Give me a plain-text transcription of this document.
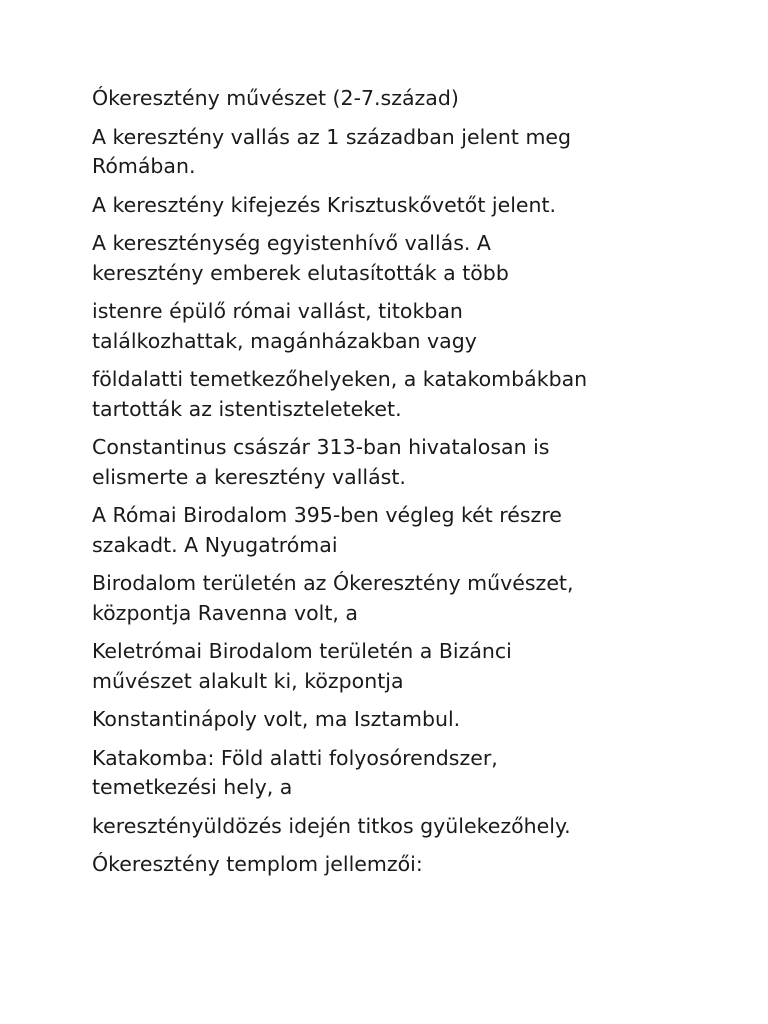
Ókeresztény művészet (2-7.század)

A keresztény vallás az 1 században jelent meg
Rómában.

A keresztény kifejezés Krisztuskővetőt jelent.

A kereszténység egyistenhívő vallás. A
keresztény emberek elutasították a több

istenre épülő római vallást, titokban
találkozhattak, magánházakban vagy

földalatti temetkezőhelyeken, a katakombákban
tartották az istentiszteleteket.

Constantinus császár 313-ban hivatalosan is
elismerte a keresztény vallást.

A Római Birodalom 395-ben végleg két részre
szakadt. A Nyugatrómai

Birodalom területén az Ókeresztény művészet,
központja Ravenna volt, a

Keletrómai Birodalom területén a Bizánci
művészet alakult ki, központja

Konstantinápoly volt, ma Isztambul.

Katakomba: Föld alatti folyosórendszer,
temetkezési hely, a

keresztényüldözés idején titkos gyülekezőhely.

Ókeresztény templom jellemzői:
